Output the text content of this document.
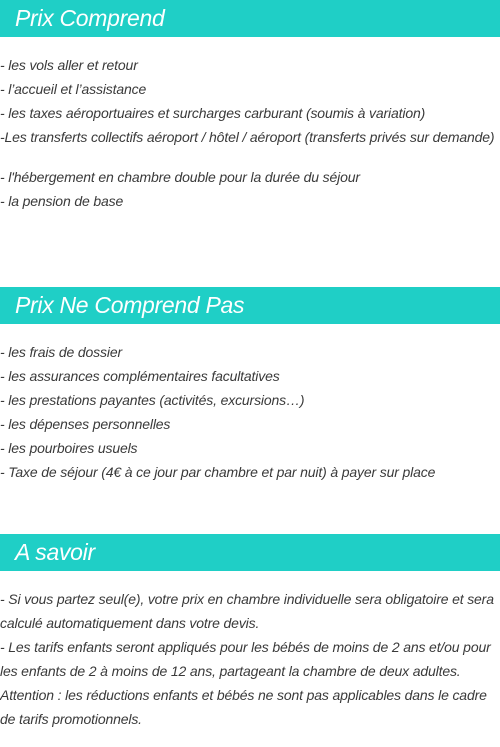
Prix Comprend
- les vols aller et retour
- l’accueil et l’assistance
- les taxes aéroportuaires et surcharges carburant (soumis à variation)
-Les transferts collectifs aéroport / hôtel / aéroport (transferts privés sur demande)
- l'hébergement en chambre double pour la durée du séjour
- la pension de base
Prix Ne Comprend Pas
- les frais de dossier
- les assurances complémentaires facultatives
- les prestations payantes (activités, excursions…)
- les dépenses personnelles
- les pourboires usuels
- Taxe de séjour (4€ à ce jour par chambre et par nuit) à payer sur place
A savoir
- Si vous partez seul(e), votre prix en chambre individuelle sera obligatoire et sera calculé automatiquement dans votre devis.
- Les tarifs enfants seront appliqués pour les bébés de moins de 2 ans et/ou pour les enfants de 2 à moins de 12 ans, partageant la chambre de deux adultes.
Attention : les réductions enfants et bébés ne sont pas applicables dans le cadre de tarifs promotionnels.
